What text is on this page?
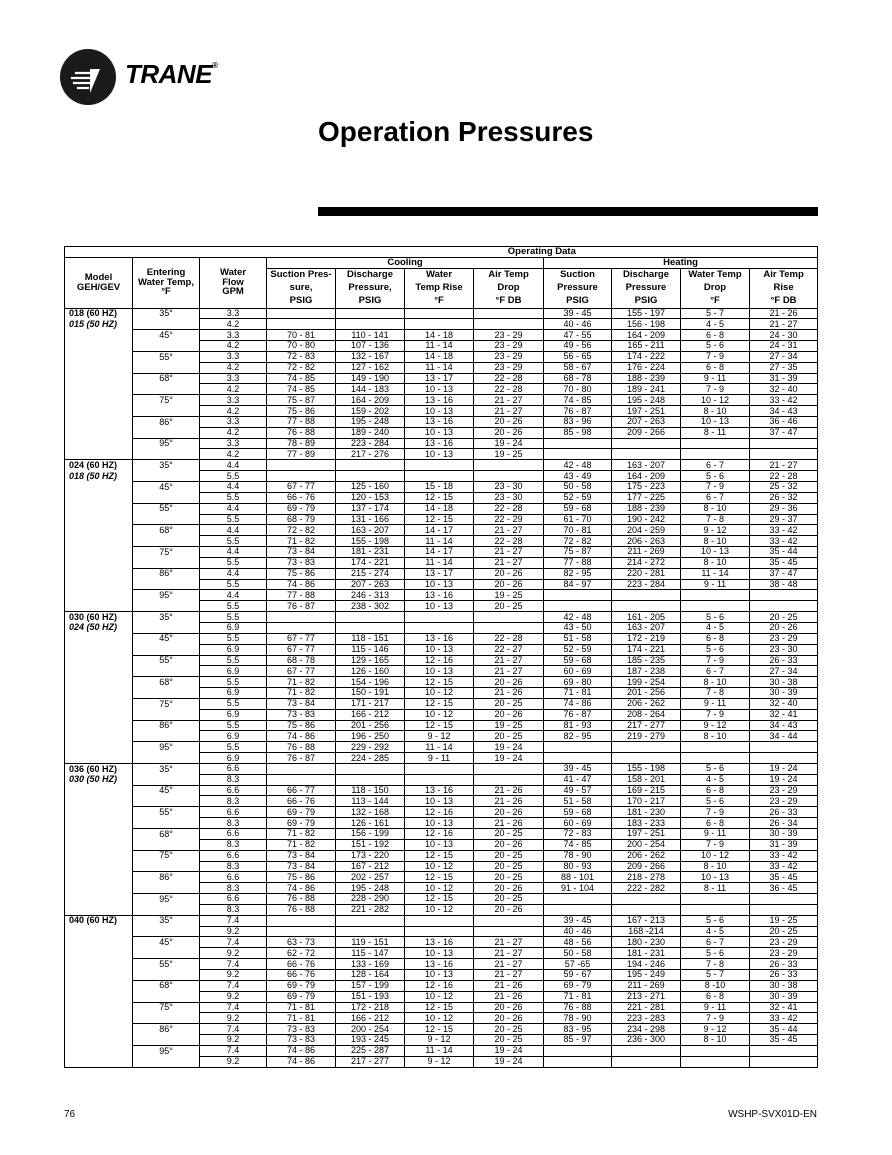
TRANE®
Operation Pressures
			Operating Data							
Model
GEH/GEV	Entering
Water Temp,
°F	Water
Flow
GPM	Cooling				Heating			
			Suction Pres-	Discharge	Water	Air Temp	Suction	Discharge	Water Temp	Air Temp
			sure,	Pressure,	Temp Rise	Drop	Pressure	Pressure	Drop	Rise
			PSIG	PSIG	°F	°F DB	PSIG	PSIG	°F	°F DB
018 (60 HZ)	35°	3.3					39 - 45	155 - 197	5 - 7	21 - 26
015 (50 HZ)		4.2					40 - 46	156 - 198	4 - 5	21 - 27
	45°	3.3	70 - 81	110 - 141	14 - 18	23 - 29	47 - 55	164 - 209	6 - 8	24 - 30
		4.2	70 - 80	107 - 136	11 - 14	23 - 29	49 - 56	165 - 211	5 - 6	24 - 31
	55°	3.3	72 - 83	132 - 167	14 - 18	23 - 29	56 - 65	174 - 222	7 - 9	27 - 34
		4.2	72 - 82	127 - 162	11 - 14	23 - 29	58 - 67	176 - 224	6 - 8	27 - 35
	68°	3.3	74 - 85	149 - 190	13 - 17	22 - 28	68 - 78	188 - 239	9 - 11	31 - 39
		4.2	74 - 85	144 - 183	10 - 13	22 - 28	70 - 80	189 - 241	7 - 9	32 - 40
	75°	3.3	75 - 87	164 - 209	13 - 16	21 - 27	74 - 85	195 - 248	10 - 12	33 - 42
		4.2	75 - 86	159 - 202	10 - 13	21 - 27	76 - 87	197 - 251	8 - 10	34 - 43
	86°	3.3	77 - 88	195 - 248	13 - 16	20 - 26	83 - 96	207 - 263	10 - 13	36 - 46
		4.2	76 - 88	189 - 240	10 - 13	20 - 26	85 - 98	209 - 266	8 - 11	37 - 47
	95°	3.3	78 - 89	223 - 284	13 - 16	19 - 24				
		4.2	77 - 89	217 - 276	10 - 13	19 - 25				
024 (60 HZ)	35°	4.4					42 - 48	163 - 207	6 - 7	21 - 27
018 (50 HZ)		5.5					43 - 49	164 - 209	5 - 6	22 - 28
	45°	4.4	67 - 77	125 - 160	15 - 18	23 - 30	50 - 58	175 - 223	7 - 9	25 - 32
		5.5	66 - 76	120 - 153	12 - 15	23 - 30	52 - 59	177 - 225	6 - 7	26 - 32
	55°	4.4	69 - 79	137 - 174	14 - 18	22 - 28	59 - 68	188 - 239	8 - 10	29 - 36
		5.5	68 - 79	131 - 166	12 - 15	22 - 29	61 - 70	190 - 242	7 - 8	29 - 37
	68°	4.4	72 - 82	163 - 207	14 - 17	21 - 27	70 - 81	204 - 259	9 - 12	33 - 42
		5.5	71 - 82	155 - 198	11 - 14	22 - 28	72 - 82	206 - 263	8 - 10	33 - 42
	75°	4.4	73 - 84	181 - 231	14 - 17	21 - 27	75 - 87	211 - 269	10 - 13	35 - 44
		5.5	73 - 83	174 - 221	11 - 14	21 - 27	77 - 88	214 - 272	8 - 10	35 - 45
	86°	4.4	75 - 86	215 - 274	13 - 17	20 - 26	82 - 95	220 - 281	11 - 14	37 - 47
		5.5	74 - 86	207 - 263	10 - 13	20 - 26	84 - 97	223 - 284	9 - 11	38 - 48
	95°	4.4	77 - 88	246 - 313	13 - 16	19 - 25				
		5.5	76 - 87	238 - 302	10 - 13	20 - 25				
030 (60 HZ)	35°	5.5					42 - 48	161 - 205	5 - 6	20 - 25
024 (50 HZ)		6.9					43 - 50	163 - 207	4 - 5	20 - 26
	45°	5.5	67 - 77	118 - 151	13 - 16	22 - 28	51 - 58	172 - 219	6 - 8	23 - 29
		6.9	67 - 77	115 - 146	10 - 13	22 - 27	52 - 59	174 - 221	5 - 6	23 - 30
	55°	5.5	68 - 78	129 - 165	12 - 16	21 - 27	59 - 68	185 - 235	7 - 9	26 - 33
		6.9	67 - 77	126 - 160	10 - 13	21 - 27	60 - 69	187 - 238	6 - 7	27 - 34
	68°	5.5	71 - 82	154 - 196	12 - 15	20 - 26	69 - 80	199 - 254	8 - 10	30 - 38
		6.9	71 - 82	150 - 191	10 - 12	21 - 26	71 - 81	201 - 256	7 - 8	30 - 39
	75°	5.5	73 - 84	171 - 217	12 - 15	20 - 25	74 - 86	206 - 262	9 - 11	32 - 40
		6.9	73 - 83	166 - 212	10 - 12	20 - 26	76 - 87	208 - 264	7 - 9	32 - 41
	86°	5.5	75 - 86	201 - 256	12 - 15	19 - 25	81 - 93	217 - 277	9 - 12	34 - 43
		6.9	74 - 86	196 - 250	9 - 12	20 - 25	82 - 95	219 - 279	8 - 10	34 - 44
	95°	5.5	76 - 88	229 - 292	11 - 14	19 - 24				
		6.9	76 - 87	224 - 285	9 - 11	19 - 24				
036 (60 HZ)	35°	6.6					39 - 45	155 - 198	5 - 6	19 - 24
030 (50 HZ)		8.3					41 - 47	158 - 201	4 - 5	19 - 24
	45°	6.6	66 - 77	118 - 150	13 - 16	21 - 26	49 - 57	169 - 215	6 - 8	23 - 29
		8.3	66 - 76	113 - 144	10 - 13	21 - 26	51 - 58	170 - 217	5 - 6	23 - 29
	55°	6.6	69 - 79	132 - 168	12 - 16	20 - 26	59 - 68	181 - 230	7 - 9	26 - 33
		8.3	69 - 79	126 - 161	10 - 13	21 - 26	60 - 69	183 - 233	6 - 8	26 - 34
	68°	6.6	71 - 82	156 - 199	12 - 16	20 - 25	72 - 83	197 - 251	9 - 11	30 - 39
		8.3	71 - 82	151 - 192	10 - 13	20 - 26	74 - 85	200 - 254	7 - 9	31 - 39
	75°	6.6	73 - 84	173 - 220	12 - 15	20 - 25	78 - 90	206 - 262	10 - 12	33 - 42
		8.3	73 - 84	167 - 212	10 - 12	20 - 25	80 - 93	209 - 266	8 - 10	33 - 42
	86°	6.6	75 - 86	202 - 257	12 - 15	20 - 25	88 - 101	218 - 278	10 - 13	35 - 45
		8.3	74 - 86	195 - 248	10 - 12	20 - 26	91 - 104	222 - 282	8 - 11	36 - 45
	95°	6.6	76 - 88	228 - 290	12 - 15	20 - 25				
		8.3	76 - 88	221 - 282	10 - 12	20 - 26				
040 (60 HZ)	35°	7.4					39 - 45	167 - 213	5 - 6	19 - 25
		9.2					40 - 46	168 -214	4 - 5	20 - 25
	45°	7.4	63 - 73	119 - 151	13 - 16	21 - 27	48 - 56	180 - 230	6 - 7	23 - 29
		9.2	62 - 72	115 - 147	10 - 13	21 - 27	50 - 58	181 - 231	5 - 6	23 - 29
	55°	7.4	66 - 76	133 - 169	13 - 16	21 - 27	57 -65	194 - 246	7 - 8	26 - 33
		9.2	66 - 76	128 - 164	10 - 13	21 - 27	59 - 67	195 - 249	5 - 7	26 - 33
	68°	7.4	69 - 79	157 - 199	12 - 16	21 - 26	69 - 79	211 - 269	8 -10	30 - 38
		9.2	69 - 79	151 - 193	10 - 12	21 - 26	71 - 81	213 - 271	6 - 8	30 - 39
	75°	7.4	71 - 81	172 - 218	12 - 15	20 - 26	76 - 88	221 - 281	9 - 11	32 - 41
		9.2	71 - 81	166 - 212	10 - 12	20 - 26	78 - 90	223 - 283	7 - 9	33 - 42
	86°	7.4	73 - 83	200 - 254	12 - 15	20 - 25	83 - 95	234 - 298	9 - 12	35 - 44
		9.2	73 - 83	193 - 245	9 - 12	20 - 25	85 - 97	236 - 300	8 - 10	35 - 45
	95°	7.4	74 - 86	225 - 287	11 - 14	19 - 24				
		9.2	74 - 86	217 - 277	9 - 12	19 - 24				
76	WSHP-SVX01D-EN
